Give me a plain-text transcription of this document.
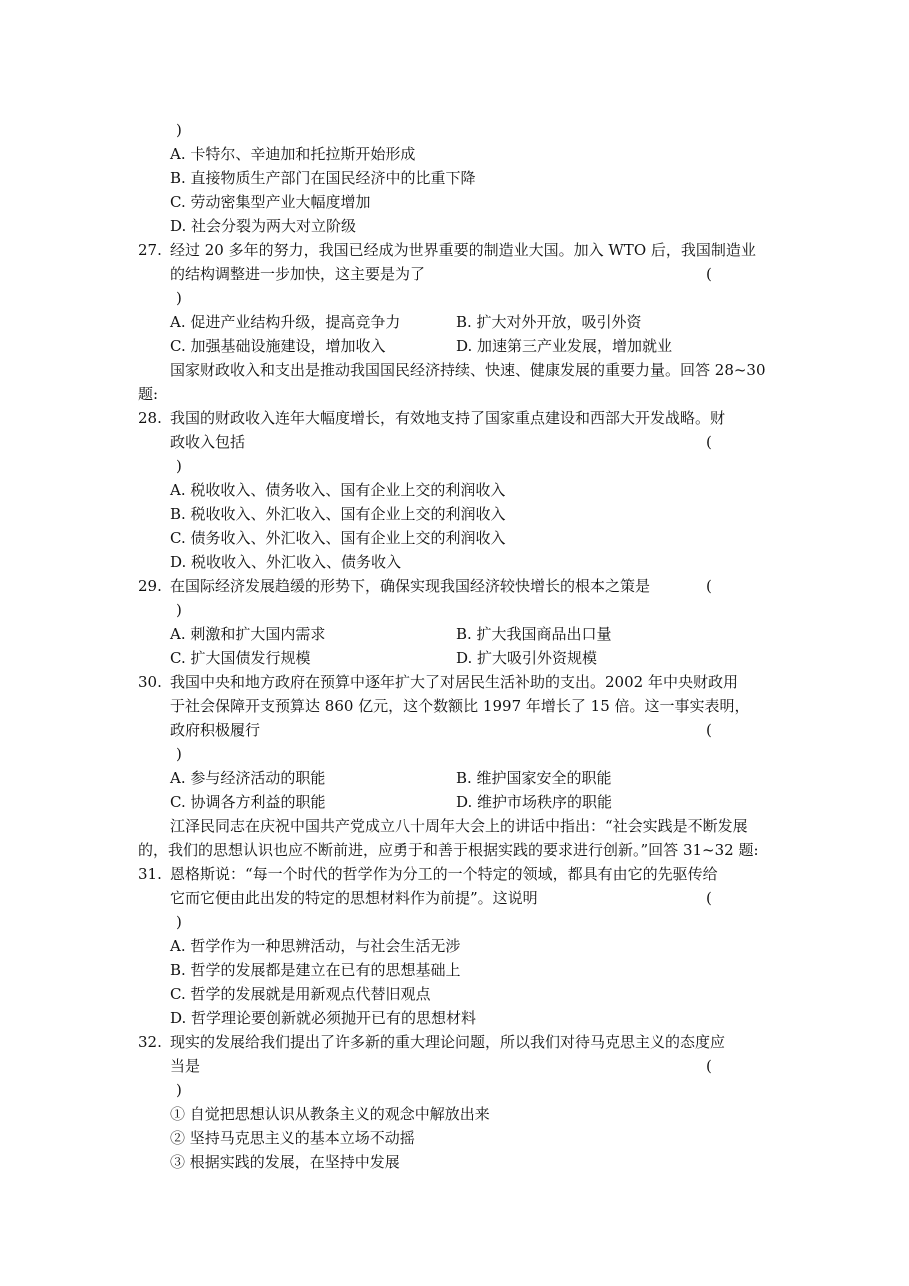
)
A. 卡特尔、辛迪加和托拉斯开始形成
B. 直接物质生产部门在国民经济中的比重下降
C. 劳动密集型产业大幅度增加
D. 社会分裂为两大对立阶级
27. 经过 20 多年的努力，我国已经成为世界重要的制造业大国。加入 WTO 后，我国制造业
的结构调整进一步加快，这主要是为了	(
)
A. 促进产业结构升级，提高竞争力	B. 扩大对外开放，吸引外资
C. 加强基础设施建设，增加收入	D. 加速第三产业发展，增加就业
国家财政收入和支出是推动我国国民经济持续、快速、健康发展的重要力量。回答 28~30
题:
28. 我国的财政收入连年大幅度增长，有效地支持了国家重点建设和西部大开发战略。财
政收入包括	(
)
A. 税收收入、债务收入、国有企业上交的利润收入
B. 税收收入、外汇收入、国有企业上交的利润收入
C. 债务收入、外汇收入、国有企业上交的利润收入
D. 税收收入、外汇收入、债务收入
29. 在国际经济发展趋缓的形势下，确保实现我国经济较快增长的根本之策是	(
)
A. 刺激和扩大国内需求	B. 扩大我国商品出口量
C. 扩大国债发行规模	D. 扩大吸引外资规模
30. 我国中央和地方政府在预算中逐年扩大了对居民生活补助的支出。2002 年中央财政用
于社会保障开支预算达 860 亿元，这个数额比 1997 年增长了 15 倍。这一事实表明，
政府积极履行	(
)
A. 参与经济活动的职能	B. 维护国家安全的职能
C. 协调各方利益的职能	D. 维护市场秩序的职能
江泽民同志在庆祝中国共产党成立八十周年大会上的讲话中指出：“社会实践是不断发展
的，我们的思想认识也应不断前进，应勇于和善于根据实践的要求进行创新。”回答 31~32 题:
31. 恩格斯说：“每一个时代的哲学作为分工的一个特定的领域，都具有由它的先驱传给
它而它便由此出发的特定的思想材料作为前提”。这说明	(
)
A. 哲学作为一种思辨活动，与社会生活无涉
B. 哲学的发展都是建立在已有的思想基础上
C. 哲学的发展就是用新观点代替旧观点
D. 哲学理论要创新就必须抛开已有的思想材料
32. 现实的发展给我们提出了许多新的重大理论问题，所以我们对待马克思主义的态度应
当是	(
)
① 自觉把思想认识从教条主义的观念中解放出来
② 坚持马克思主义的基本立场不动摇
③ 根据实践的发展，在坚持中发展
